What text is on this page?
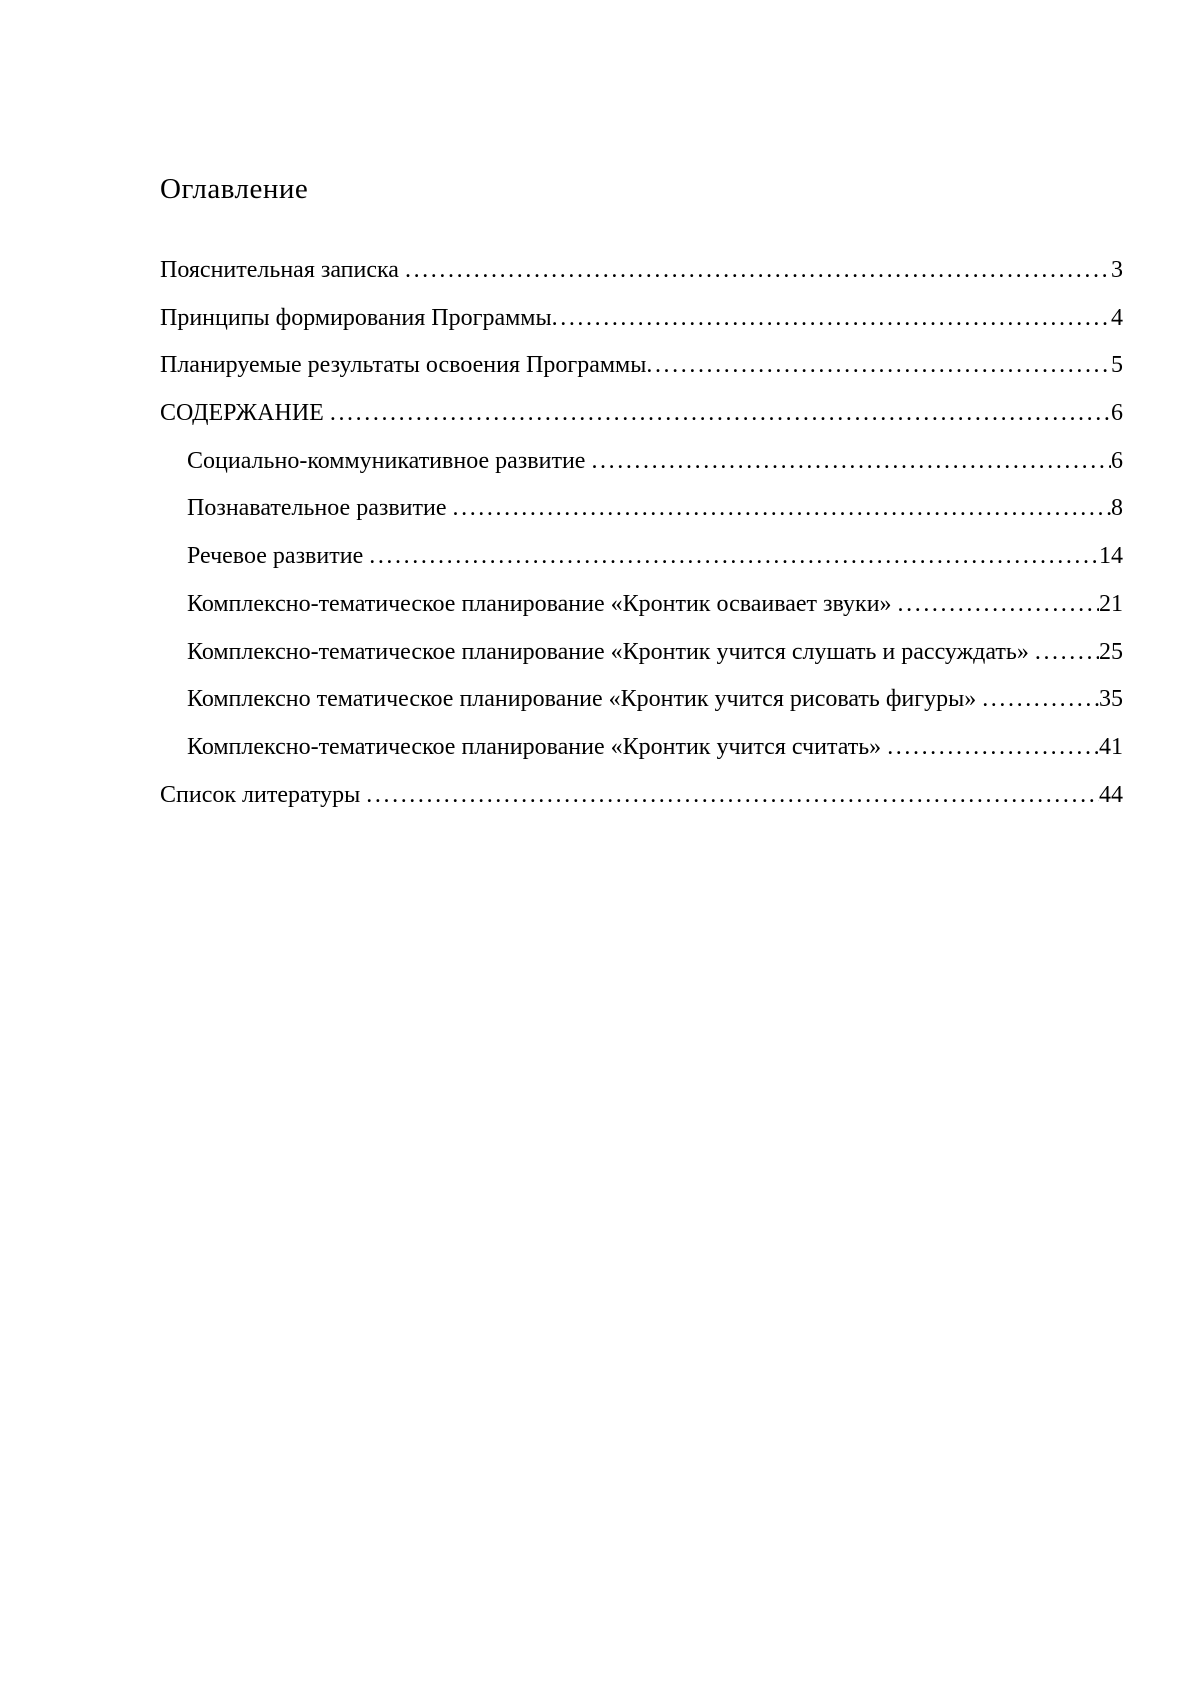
Оглавление
Пояснительная записка .....	3
Принципы формирования Программы .....	4
Планируемые результаты освоения Программы .....	5
СОДЕРЖАНИЕ .....	6
Социально-коммуникативное развитие .....	6
Познавательное развитие .....	8
Речевое развитие .....	14
Комплексно-тематическое планирование «Кронтик осваивает звуки» .....	21
Комплексно-тематическое планирование «Кронтик учится слушать и рассуждать» .....	25
Комплексно тематическое планирование «Кронтик учится рисовать фигуры» .....	35
Комплексно-тематическое планирование «Кронтик учится считать» .....	41
Список литературы .....	44
